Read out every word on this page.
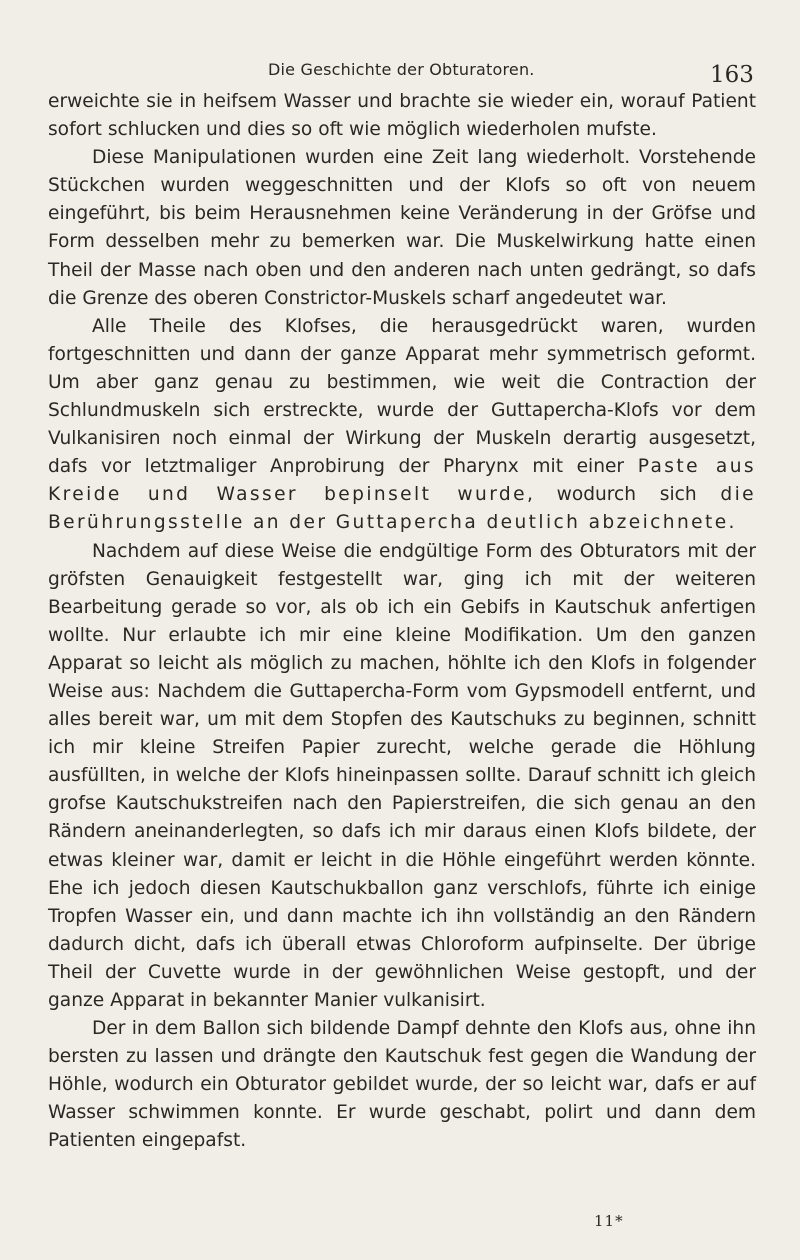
Die Geschichte der Obturatoren.	163

erweichte sie in heifsem Wasser und brachte sie wieder ein, worauf Patient sofort schlucken und dies so oft wie möglich wiederholen mufste.

Diese Manipulationen wurden eine Zeit lang wiederholt. Vorstehende Stückchen wurden weggeschnitten und der Klofs so oft von neuem eingeführt, bis beim Herausnehmen keine Veränderung in der Gröfse und Form desselben mehr zu bemerken war. Die Muskelwirkung hatte einen Theil der Masse nach oben und den anderen nach unten gedrängt, so dafs die Grenze des oberen Constrictor-Muskels scharf angedeutet war.

Alle Theile des Klofses, die herausgedrückt waren, wurden fortgeschnitten und dann der ganze Apparat mehr symmetrisch geformt. Um aber ganz genau zu bestimmen, wie weit die Contraction der Schlundmuskeln sich erstreckte, wurde der Guttapercha-Klofs vor dem Vulkanisiren noch einmal der Wirkung der Muskeln derartig ausgesetzt, dafs vor letztmaliger Anprobirung der Pharynx mit einer Paste aus Kreide und Wasser bepinselt wurde, wodurch sich die Berührungsstelle an der Guttapercha deutlich abzeichnete.

Nachdem auf diese Weise die endgültige Form des Obturators mit der gröfsten Genauigkeit festgestellt war, ging ich mit der weiteren Bearbeitung gerade so vor, als ob ich ein Gebifs in Kautschuk anfertigen wollte. Nur erlaubte ich mir eine kleine Modifikation. Um den ganzen Apparat so leicht als möglich zu machen, höhlte ich den Klofs in folgender Weise aus: Nachdem die Guttapercha-Form vom Gypsmodell entfernt, und alles bereit war, um mit dem Stopfen des Kautschuks zu beginnen, schnitt ich mir kleine Streifen Papier zurecht, welche gerade die Höhlung ausfüllten, in welche der Klofs hineinpassen sollte. Darauf schnitt ich gleich grofse Kautschukstreifen nach den Papierstreifen, die sich genau an den Rändern aneinanderlegten, so dafs ich mir daraus einen Klofs bildete, der etwas kleiner war, damit er leicht in die Höhle eingeführt werden könnte. Ehe ich jedoch diesen Kautschukballon ganz verschlofs, führte ich einige Tropfen Wasser ein, und dann machte ich ihn vollständig an den Rändern dadurch dicht, dafs ich überall etwas Chloroform aufpinselte. Der übrige Theil der Cuvette wurde in der gewöhnlichen Weise gestopft, und der ganze Apparat in bekannter Manier vulkanisirt.

Der in dem Ballon sich bildende Dampf dehnte den Klofs aus, ohne ihn bersten zu lassen und drängte den Kautschuk fest gegen die Wandung der Höhle, wodurch ein Obturator gebildet wurde, der so leicht war, dafs er auf Wasser schwimmen konnte. Er wurde geschabt, polirt und dann dem Patienten eingepafst.

11*
